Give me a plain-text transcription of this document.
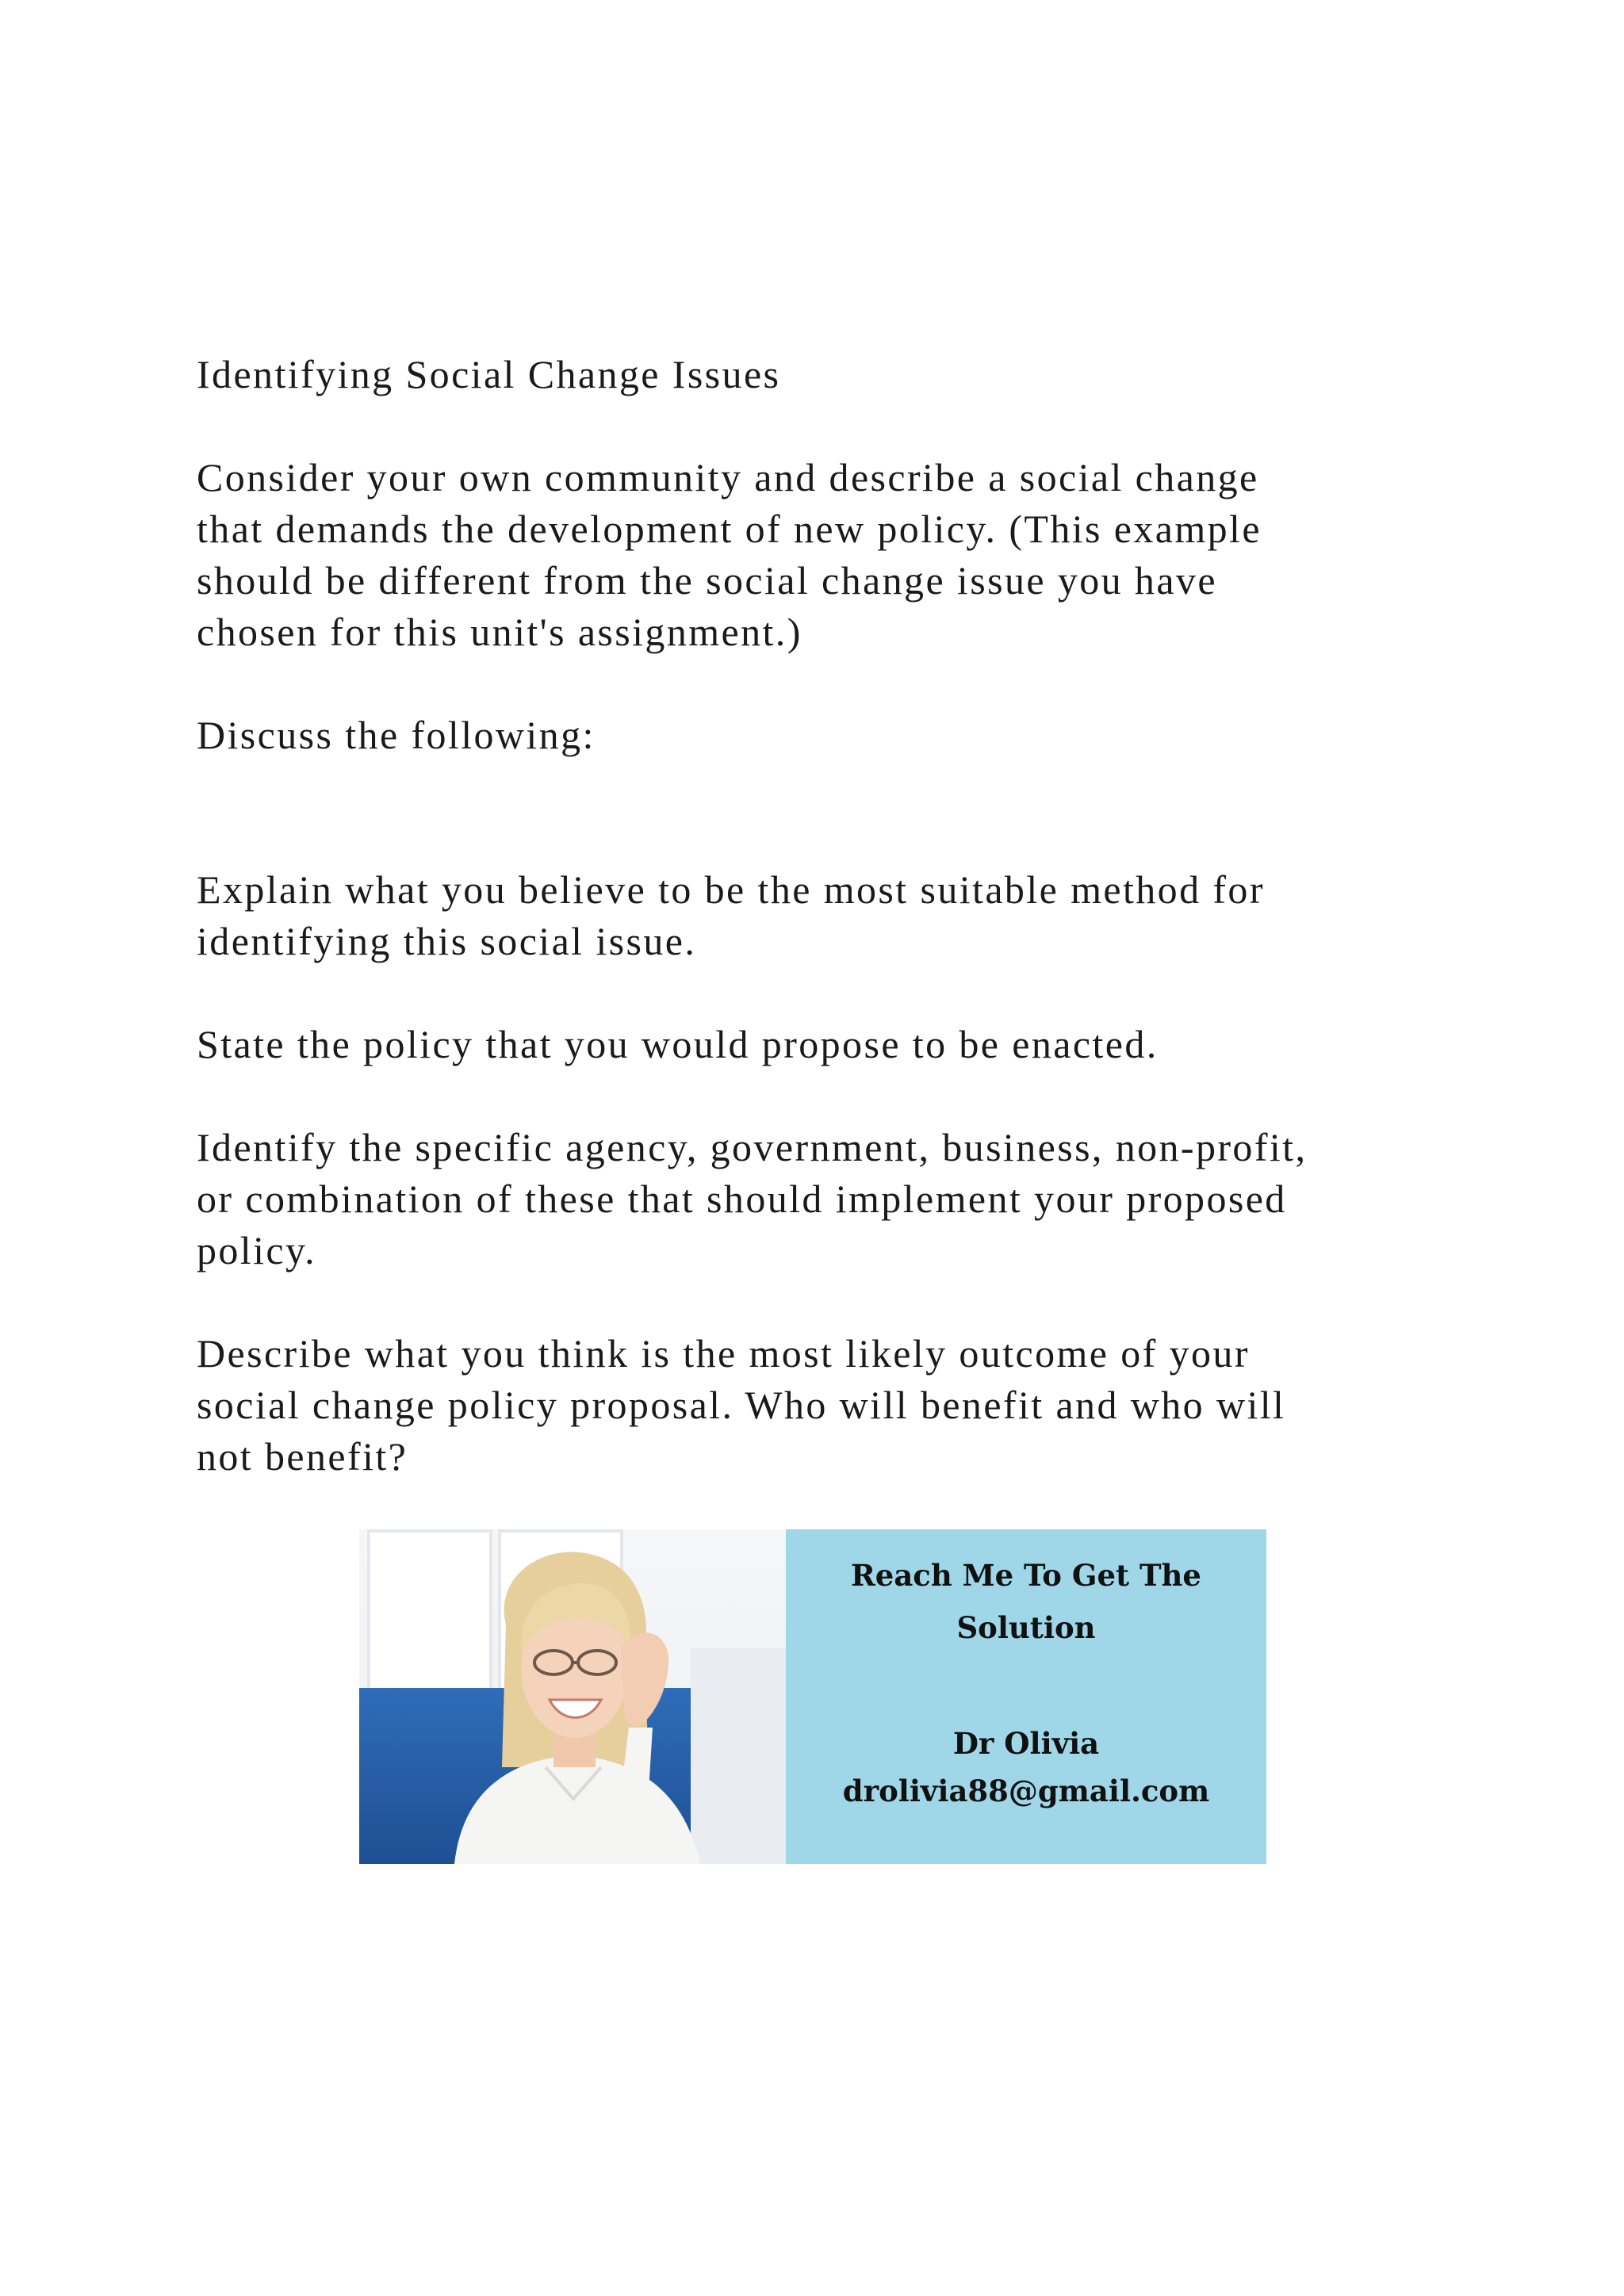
Identifying Social Change Issues

Consider your own community and describe a social change
that demands the development of new policy. (This example
should be different from the social change issue you have
chosen for this unit's assignment.)

Discuss the following:

Explain what you believe to be the most suitable method for
identifying this social issue.

State the policy that you would propose to be enacted.

Identify the specific agency, government, business, non-profit,
or combination of these that should implement your proposed
policy.

Describe what you think is the most likely outcome of your
social change policy proposal. Who will benefit and who will
not benefit?

Reach Me To Get The
Solution
Dr Olivia
drolivia88@gmail.com
